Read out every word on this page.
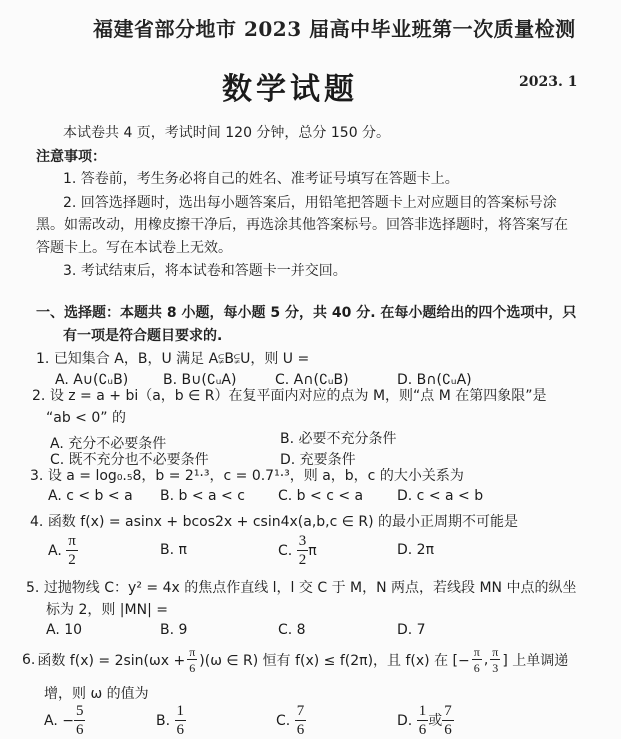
福建省部分地市 2023 届高中毕业班第一次质量检测
数学试题	2023. 1
本试卷共 4 页，考试时间 120 分钟，总分 150 分。
注意事项：
1. 答卷前，考生务必将自己的姓名、准考证号填写在答题卡上。
2. 回答选择题时，选出每小题答案后，用铅笔把答题卡上对应题目的答案标号涂
黑。如需改动，用橡皮擦干净后，再选涂其他答案标号。回答非选择题时，将答案写在
答题卡上。写在本试卷上无效。
3. 考试结束后，将本试卷和答题卡一并交回。
一、选择题：本题共 8 小题，每小题 5 分，共 40 分. 在每小题给出的四个选项中，只
有一项是符合题目要求的.
1. 已知集合 A，B，U 满足 A⫋B⫋U，则 U =
A. A∪(∁ᵤB) B. B∪(∁ᵤA)	C. A∩(∁ᵤB)	D. B∩(∁ᵤA)
2. 设 z = a + bi（a，b ∈ R）在复平面内对应的点为 M，则“点 M 在第四象限”是
“ab < 0” 的
A. 充分不必要条件	B. 必要不充分条件
C. 既不充分也不必要条件	D. 充要条件
3. 设 a = log₀.₅8，b = 2¹·³，c = 0.7¹·³，则 a，b，c 的大小关系为
A. c < b < a B. b < a < c C. b < c < a D. c < a < b
4. 函数 f(x) = asinx + bcos2x + csin4x(a,b,c ∈ R) 的最小正周期不可能是
A. $\frac{\pi}{2}$	B. π	C. $\frac{3}{2}$ π	D. 2π
5. 过抛物线 C：y² = 4x 的焦点作直线 l，l 交 C 于 M，N 两点，若线段 MN 中点的纵坐
标为 2，则 |MN| =
A. 10	B. 9	C. 8	D. 7
6. 函数 $f(x) = 2\sin(\omega x + \frac{\pi}{6} )(\omega$ ∈ R) 恒有 f(x) ≤ f(2π)，且 f(x) 在 [− $\frac{\pi}{6}$ , $\frac{\pi}{3}$ ] 上单调递
增，则 ω 的值为
A. − $\frac{5}{6}$	B. $\frac{1}{6}$	C. $\frac{7}{6}$	D. $\frac{1}{6}$ 或 $\frac{7}{6}$
